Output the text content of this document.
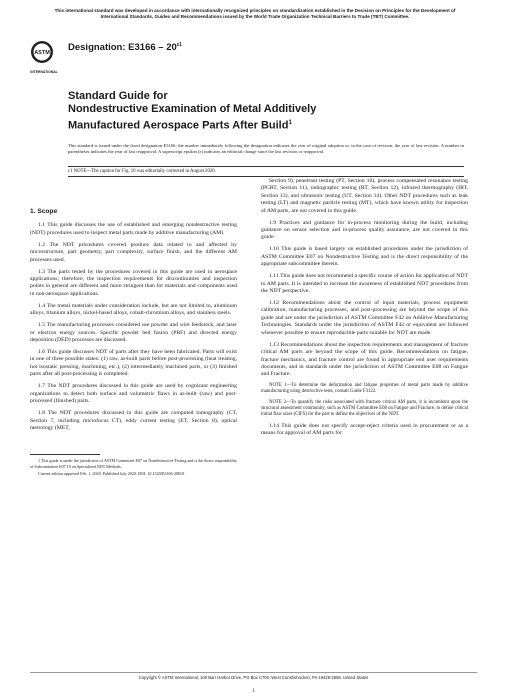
This international standard was developed in accordance with internationally recognized principles on standardization established in the Decision on Principles for the Development of International Standards, Guides and Recommendations issued by the World Trade Organization Technical Barriers to Trade (TBT) Committee.
ASTM
INTERNATIONAL
Designation: $E3166 - 20^{\varepsilon 1}$
Standard Guide for
Nondestructive Examination of Metal Additively
Manufactured Aerospace Parts After Build$^1$
This standard is issued under the fixed designation E3166; the number immediately following the designation indicates the year of original adoption or, in the case of revision, the year of last revision. A number in parentheses indicates the year of last reapproval. A superscript epsilon (ε) indicates an editorial change since the last revision or reapproval.
ε1 NOTE—The caption for Fig. 10 was editorially corrected in August 2020.
1. Scope

1.1 This guide discusses the use of established and emerging nondestructive testing (NDT) procedures used to inspect metal parts made by additive manufacturing (AM).

1.2 The NDT procedures covered produce data related to and affected by microstructure, part geometry, part complexity, surface finish, and the different AM processes used.

1.3 The parts tested by the procedures covered in this guide are used in aerospace applications; therefore, the inspection requirements for discontinuities and inspection points in general are different and more stringent than for materials and components used in non-aerospace applications.

1.4 The metal materials under consideration include, but are not limited to, aluminum alloys, titanium alloys, nickel-based alloys, cobalt-chromium alloys, and stainless steels.

1.5 The manufacturing processes considered use powder and wire feedstock, and laser or electron energy sources. Specific powder bed fusion (PBF) and directed energy deposition (DED) processes are discussed.

1.6 This guide discusses NDT of parts after they have been fabricated. Parts will exist in one of three possible states: (1) raw, as-built parts before post-processing (heat treating, hot isostatic pressing, machining, etc.), (2) intermediately machined parts, or (3) finished parts after all post-processing is completed.

1.7 The NDT procedures discussed in this guide are used by cognizant engineering organizations to detect both surface and volumetric flaws in as-built (raw) and post-processed (finished) parts.

1.8 The NDT procedures discussed in this guide are computed tomography (CT, Section 7, including microfocus CT), eddy current testing (ET, Section 8), optical metrology (MET,

1 This guide is under the jurisdiction of ASTM Committee E07 on Nondestructive Testing and is the direct responsibility of Subcommittee E07.10 on Specialized NDT Methods.

Current edition approved Feb. 1, 2020. Published July 2020. DOI: 10.1520/E3166-20E01.

Section 9), penetrant testing (PT, Section 10), process compensated resonance testing (PCRT, Section 11), radiographic testing (RT, Section 12), infrared thermography (IRT, Section 13), and ultrasonic testing (UT, Section 14). Other NDT procedures such as leak testing (LT) and magnetic particle testing (MT), which have known utility for inspection of AM parts, are not covered in this guide.

1.9 Practices and guidance for in-process monitoring during the build, including guidance on sensor selection and in-process quality assurance, are not covered in this guide.

1.10 This guide is based largely on established procedures under the jurisdiction of ASTM Committee E07 on Nondestructive Testing and is the direct responsibility of the appropriate subcommittee therein.

1.11 This guide does not recommend a specific course of action for application of NDT to AM parts. It is intended to increase the awareness of established NDT procedures from the NDT perspective.

1.12 Recommendations about the control of input materials, process equipment calibration, manufacturing processes, and post-processing are beyond the scope of this guide and are under the jurisdiction of ASTM Committee F42 on Additive Manufacturing Technologies. Standards under the jurisdiction of ASTM F42 or equivalent are followed whenever possible to ensure reproducible parts suitable for NDT are made.

1.13 Recommendations about the inspection requirements and management of fracture critical AM parts are beyond the scope of this guide. Recommendations on fatigue, fracture mechanics, and fracture control are found in appropriate end user requirements documents, and in standards under the jurisdiction of ASTM Committee E08 on Fatigue and Fracture.

NOTE 1—To determine the deformation and fatigue properties of metal parts made by additive manufacturing using destructive tests, consult Guide F3122.

NOTE 2—To quantify the risks associated with fracture critical AM parts, it is incumbent upon the structural assessment community, such as ASTM Committee E08 on Fatigue and Fracture, to define critical initial flaw sizes (CIFS) for the part to define the objectives of the NDT.

1.14 This guide does not specify accept-reject criteria used in procurement or as a means for approval of AM parts for

Copyright © ASTM International, 100 Barr Harbor Drive, PO Box C700, West Conshohocken, PA 19428-2959. United States
1
